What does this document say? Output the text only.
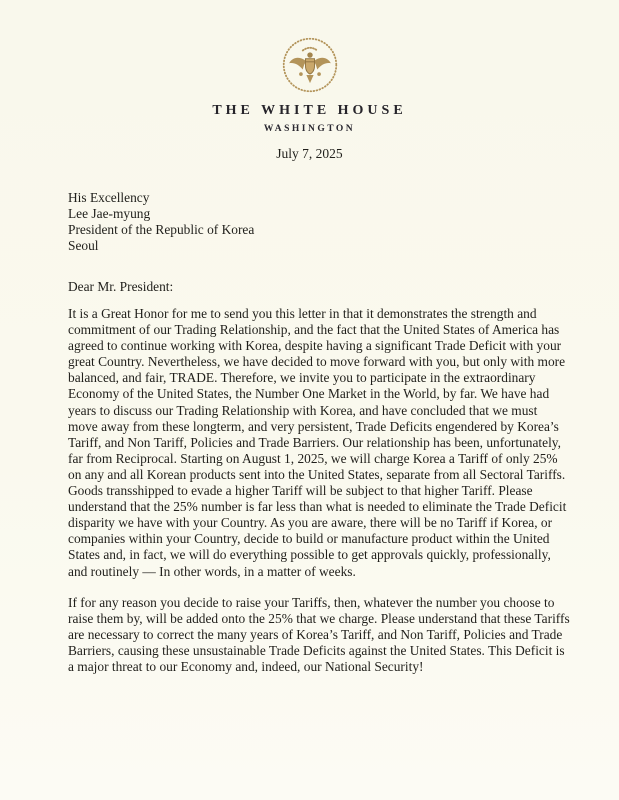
THE WHITE HOUSE
WASHINGTON
July 7, 2025
His Excellency
Lee Jae-myung
President of the Republic of Korea
Seoul
Dear Mr. President:

It is a Great Honor for me to send you this letter in that it demonstrates the strength and commitment of our Trading Relationship, and the fact that the United States of America has agreed to continue working with Korea, despite having a significant Trade Deficit with your great Country. Nevertheless, we have decided to move forward with you, but only with more balanced, and fair, TRADE. Therefore, we invite you to participate in the extraordinary Economy of the United States, the Number One Market in the World, by far. We have had years to discuss our Trading Relationship with Korea, and have concluded that we must move away from these longterm, and very persistent, Trade Deficits engendered by Korea’s Tariff, and Non Tariff, Policies and Trade Barriers. Our relationship has been, unfortunately, far from Reciprocal. Starting on August 1, 2025, we will charge Korea a Tariff of only 25% on any and all Korean products sent into the United States, separate from all Sectoral Tariffs. Goods transshipped to evade a higher Tariff will be subject to that higher Tariff. Please understand that the 25% number is far less than what is needed to eliminate the Trade Deficit disparity we have with your Country. As you are aware, there will be no Tariff if Korea, or companies within your Country, decide to build or manufacture product within the United States and, in fact, we will do everything possible to get approvals quickly, professionally, and routinely — In other words, in a matter of weeks.

If for any reason you decide to raise your Tariffs, then, whatever the number you choose to raise them by, will be added onto the 25% that we charge. Please understand that these Tariffs are necessary to correct the many years of Korea’s Tariff, and Non Tariff, Policies and Trade Barriers, causing these unsustainable Trade Deficits against the United States. This Deficit is a major threat to our Economy and, indeed, our National Security!
